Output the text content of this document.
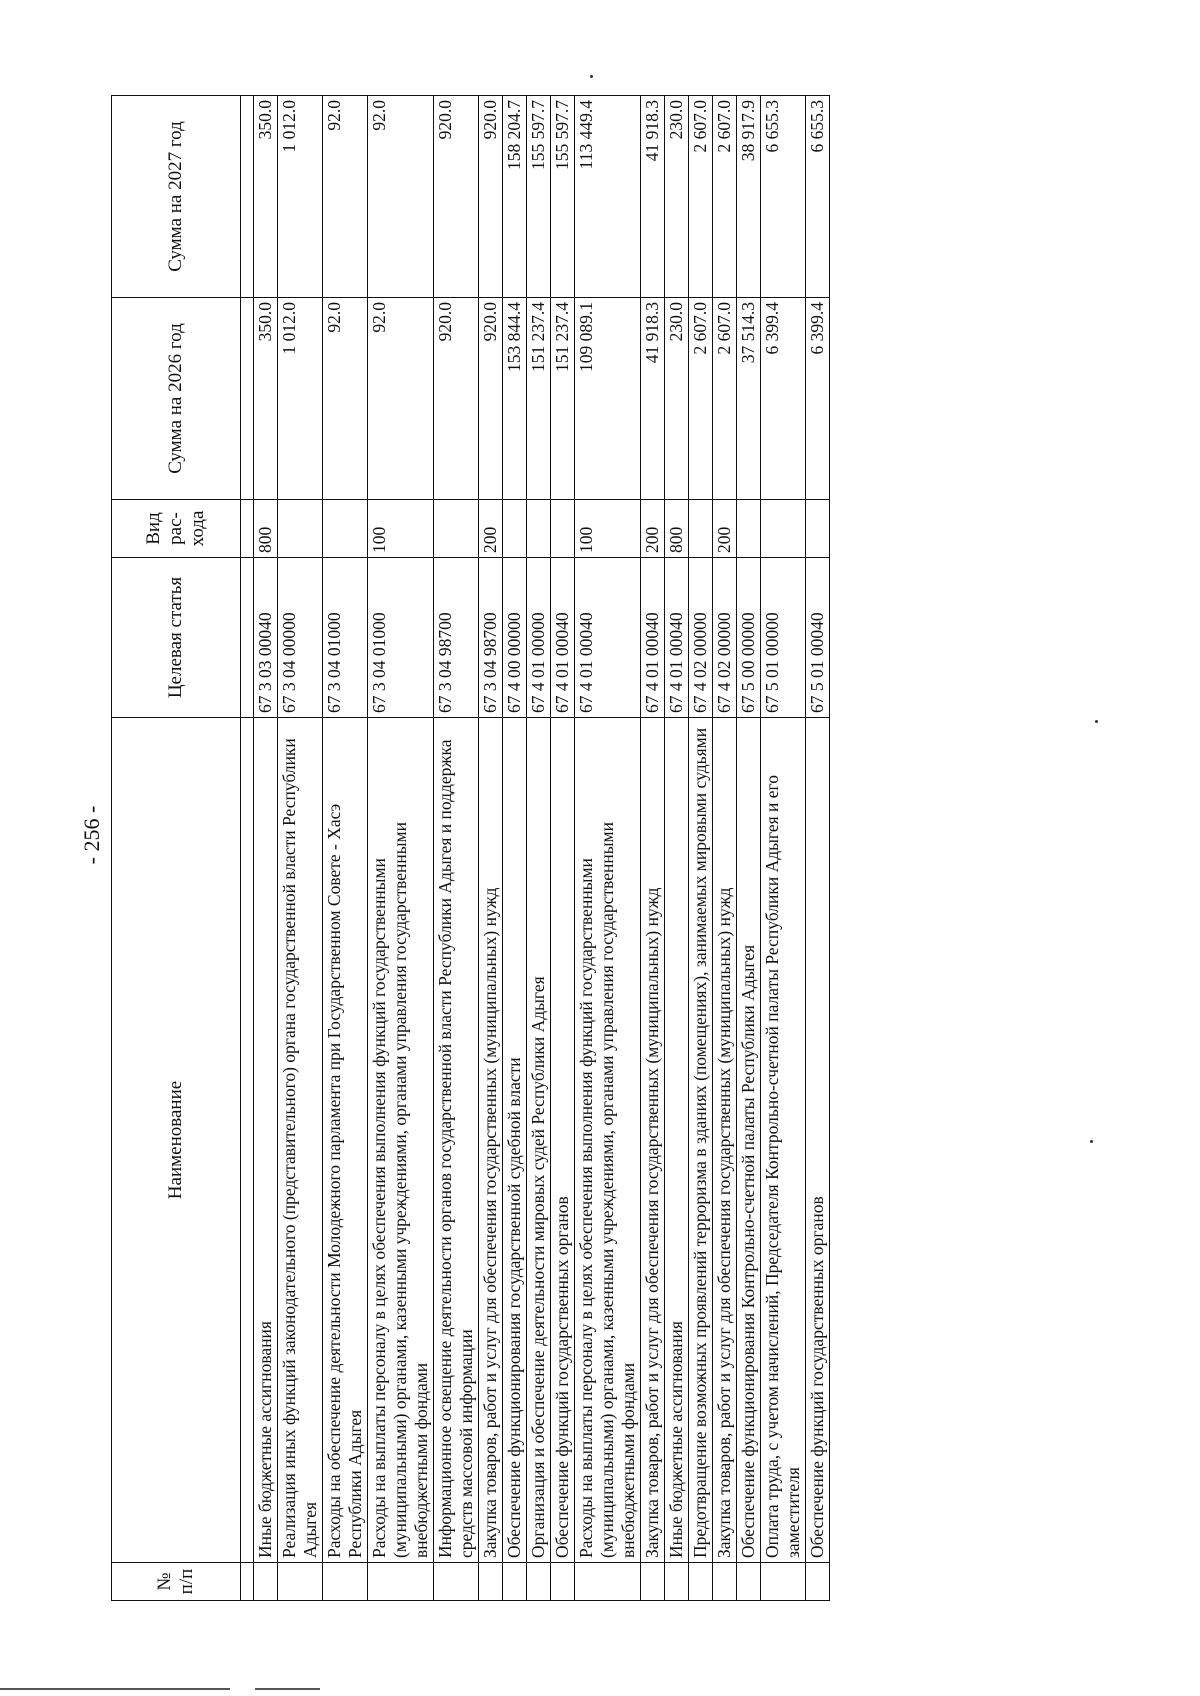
- 256 -
№ п/п	Наименование	Целевая статья	Вид рас-хода	Сумма на 2026 год	Сумма на 2027 год

	Иные бюджетные ассигнования	67 3 03 00040	800	350.0	350.0
	Реализация иных функций законодательного (представительного) органа государственной власти Республики Адыгея	67 3 04 00000		1 012.0	1 012.0
	Расходы на обеспечение деятельности Молодежного парламента при Государственном Совете - Хасэ Республики Адыгея	67 3 04 01000		92.0	92.0
	Расходы на выплаты персоналу в целях обеспечения выполнения функций государственными (муниципальными) органами, казенными учреждениями, органами управления государственными внебюджетными фондами	67 3 04 01000	100	92.0	92.0
	Информационное освещение деятельности органов государственной власти Республики Адыгея и поддержка средств массовой информации	67 3 04 98700		920.0	920.0
	Закупка товаров, работ и услуг для обеспечения государственных (муниципальных) нужд	67 3 04 98700	200	920.0	920.0
	Обеспечение функционирования государственной судебной власти	67 4 00 00000		153 844.4	158 204.7
	Организация и обеспечение деятельности мировых судей Республики Адыгея	67 4 01 00000		151 237.4	155 597.7
	Обеспечение функций государственных органов	67 4 01 00040		151 237.4	155 597.7
	Расходы на выплаты персоналу в целях обеспечения выполнения функций государственными (муниципальными) органами, казенными учреждениями, органами управления государственными внебюджетными фондами	67 4 01 00040	100	109 089.1	113 449.4
	Закупка товаров, работ и услуг для обеспечения государственных (муниципальных) нужд	67 4 01 00040	200	41 918.3	41 918.3
	Иные бюджетные ассигнования	67 4 01 00040	800	230.0	230.0
	Предотвращение возможных проявлений терроризма в зданиях (помещениях), занимаемых мировыми судьями	67 4 02 00000		2 607.0	2 607.0
	Закупка товаров, работ и услуг для обеспечения государственных (муниципальных) нужд	67 4 02 00000	200	2 607.0	2 607.0
	Обеспечение функционирования Контрольно-счетной палаты Республики Адыгея	67 5 00 00000		37 514.3	38 917.9
	Оплата труда, с учетом начислений, Председателя Контрольно-счетной палаты Республики Адыгея и его заместителя	67 5 01 00000		6 399.4	6 655.3
	Обеспечение функций государственных органов	67 5 01 00040		6 399.4	6 655.3
